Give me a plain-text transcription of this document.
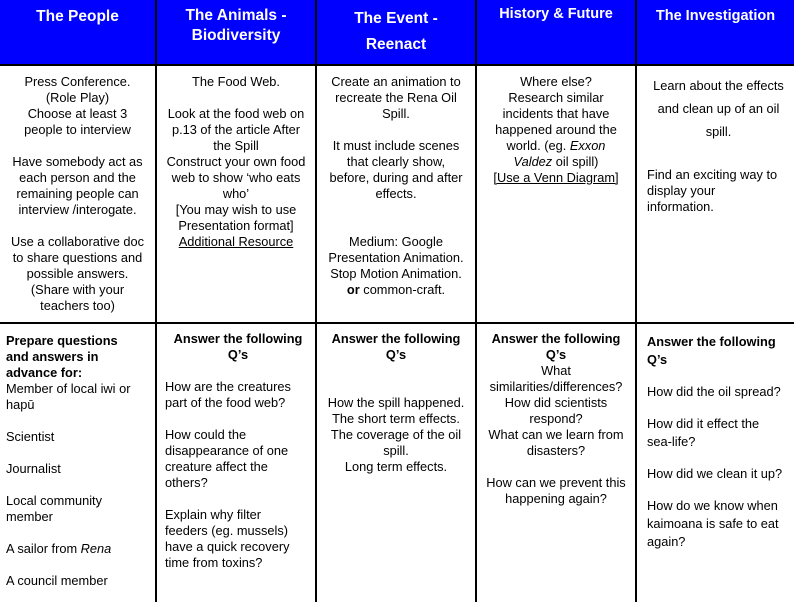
The People	The Animals -
Biodiversity
The Event -
Reenact
History & Future	The Investigation

Press Conference.

(Role Play)

Choose at least 3

people to interview

Have somebody act as

each person and the

remaining people can

interview /interogate.

Use a collaborative doc

to share questions and

possible answers.

(Share with your

teachers too)

The Food Web.

Look at the food web on

p.13 of the article After

the Spill

Construct your own food

web to show ‘who eats

who’

[You may wish to use

Presentation format]

Additional Resource

Create an animation to

recreate the Rena Oil

Spill.

It must include scenes

that clearly show,

before, during and after

effects.

Medium: Google

Presentation Animation.

Stop Motion Animation.

or common-craft.

Where else?

Research similar

incidents that have

happened around the

world. (eg. Exxon

Valdez oil spill)

[Use a Venn Diagram]

Learn about the effects

and clean up of an oil

spill.

Find an exciting way to

display your

information.

Prepare questions

and answers in

advance for:

Member of local iwi or

hapū

Scientist

Journalist

Local community

member

A sailor from Rena

A council member

Answer the following

Q’s

How are the creatures

part of the food web?

How could the

disappearance of one

creature affect the

others?

Explain why filter

feeders (eg. mussels)

have a quick recovery

time from toxins?

Answer the following

Q’s

How the spill happened.

The short term effects.

The coverage of the oil

spill.

Long term effects.

Answer the following

Q’s

What

similarities/differences?

How did scientists

respond?

What can we learn from

disasters?

How can we prevent this

happening again?

Answer the following

Q’s

How did the oil spread?

How did it effect the

sea-life?

How did we clean it up?

How do we know when

kaimoana is safe to eat

again?
